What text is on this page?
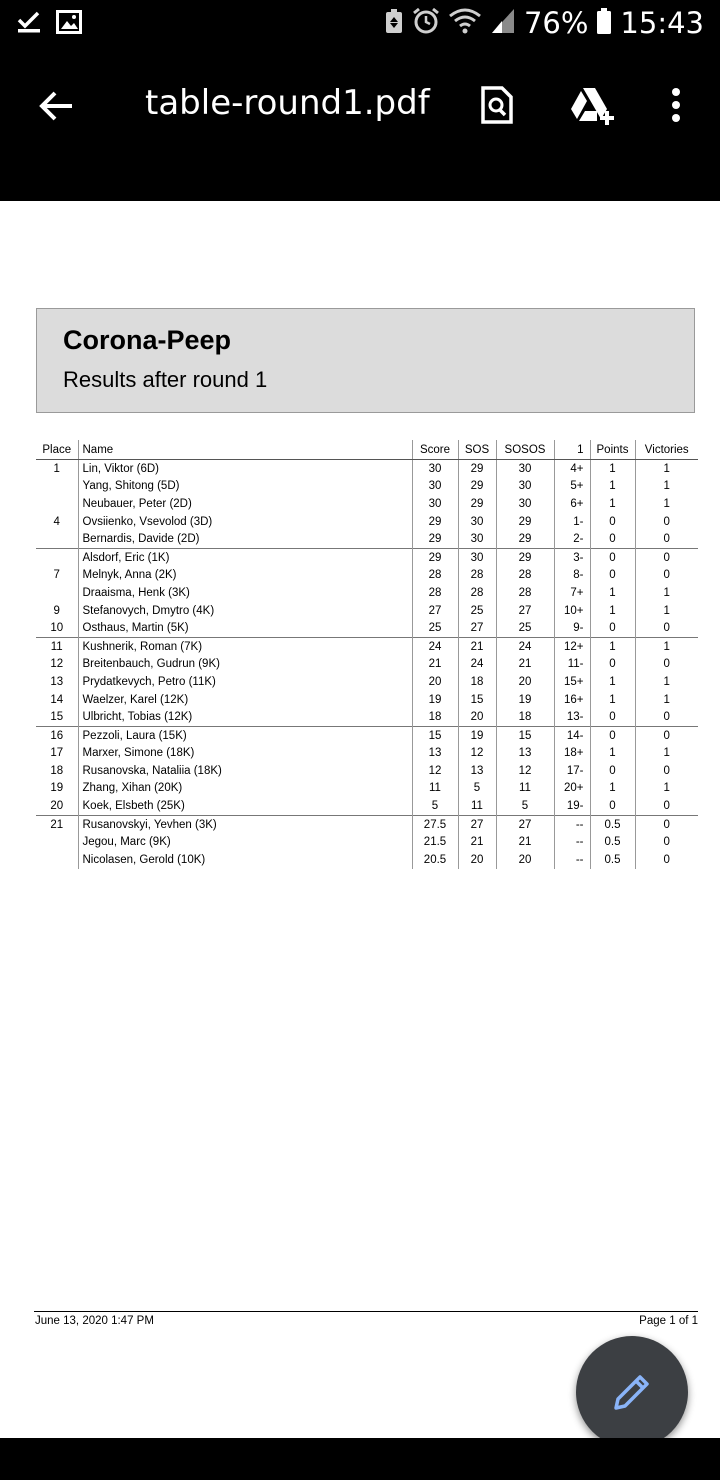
76% 15:43
table-round1.pdf
Corona-Peep
Results after round 1
Place	Name	Score	SOS	SOSOS	1	Points	Victories
1	Lin, Viktor (6D)	30	29	30	4+	1	1
	Yang, Shitong (5D)	30	29	30	5+	1	1
	Neubauer, Peter (2D)	30	29	30	6+	1	1
4	Ovsiienko, Vsevolod (3D)	29	30	29	1-	0	0
	Bernardis, Davide (2D)	29	30	29	2-	0	0
	Alsdorf, Eric (1K)	29	30	29	3-	0	0
7	Melnyk, Anna (2K)	28	28	28	8-	0	0
	Draaisma, Henk (3K)	28	28	28	7+	1	1
9	Stefanovych, Dmytro (4K)	27	25	27	10+	1	1
10	Osthaus, Martin (5K)	25	27	25	9-	0	0
11	Kushnerik, Roman (7K)	24	21	24	12+	1	1
12	Breitenbauch, Gudrun (9K)	21	24	21	11-	0	0
13	Prydatkevych, Petro (11K)	20	18	20	15+	1	1
14	Waelzer, Karel (12K)	19	15	19	16+	1	1
15	Ulbricht, Tobias (12K)	18	20	18	13-	0	0
16	Pezzoli, Laura (15K)	15	19	15	14-	0	0
17	Marxer, Simone (18K)	13	12	13	18+	1	1
18	Rusanovska, Nataliia (18K)	12	13	12	17-	0	0
19	Zhang, Xihan (20K)	11	5	11	20+	1	1
20	Koek, Elsbeth (25K)	5	11	5	19-	0	0
21	Rusanovskyi, Yevhen (3K)	27.5	27	27	--	0.5	0
	Jegou, Marc (9K)	21.5	21	21	--	0.5	0
	Nicolasen, Gerold (10K)	20.5	20	20	--	0.5	0
June 13, 2020 1:47 PM	Page 1 of 1
